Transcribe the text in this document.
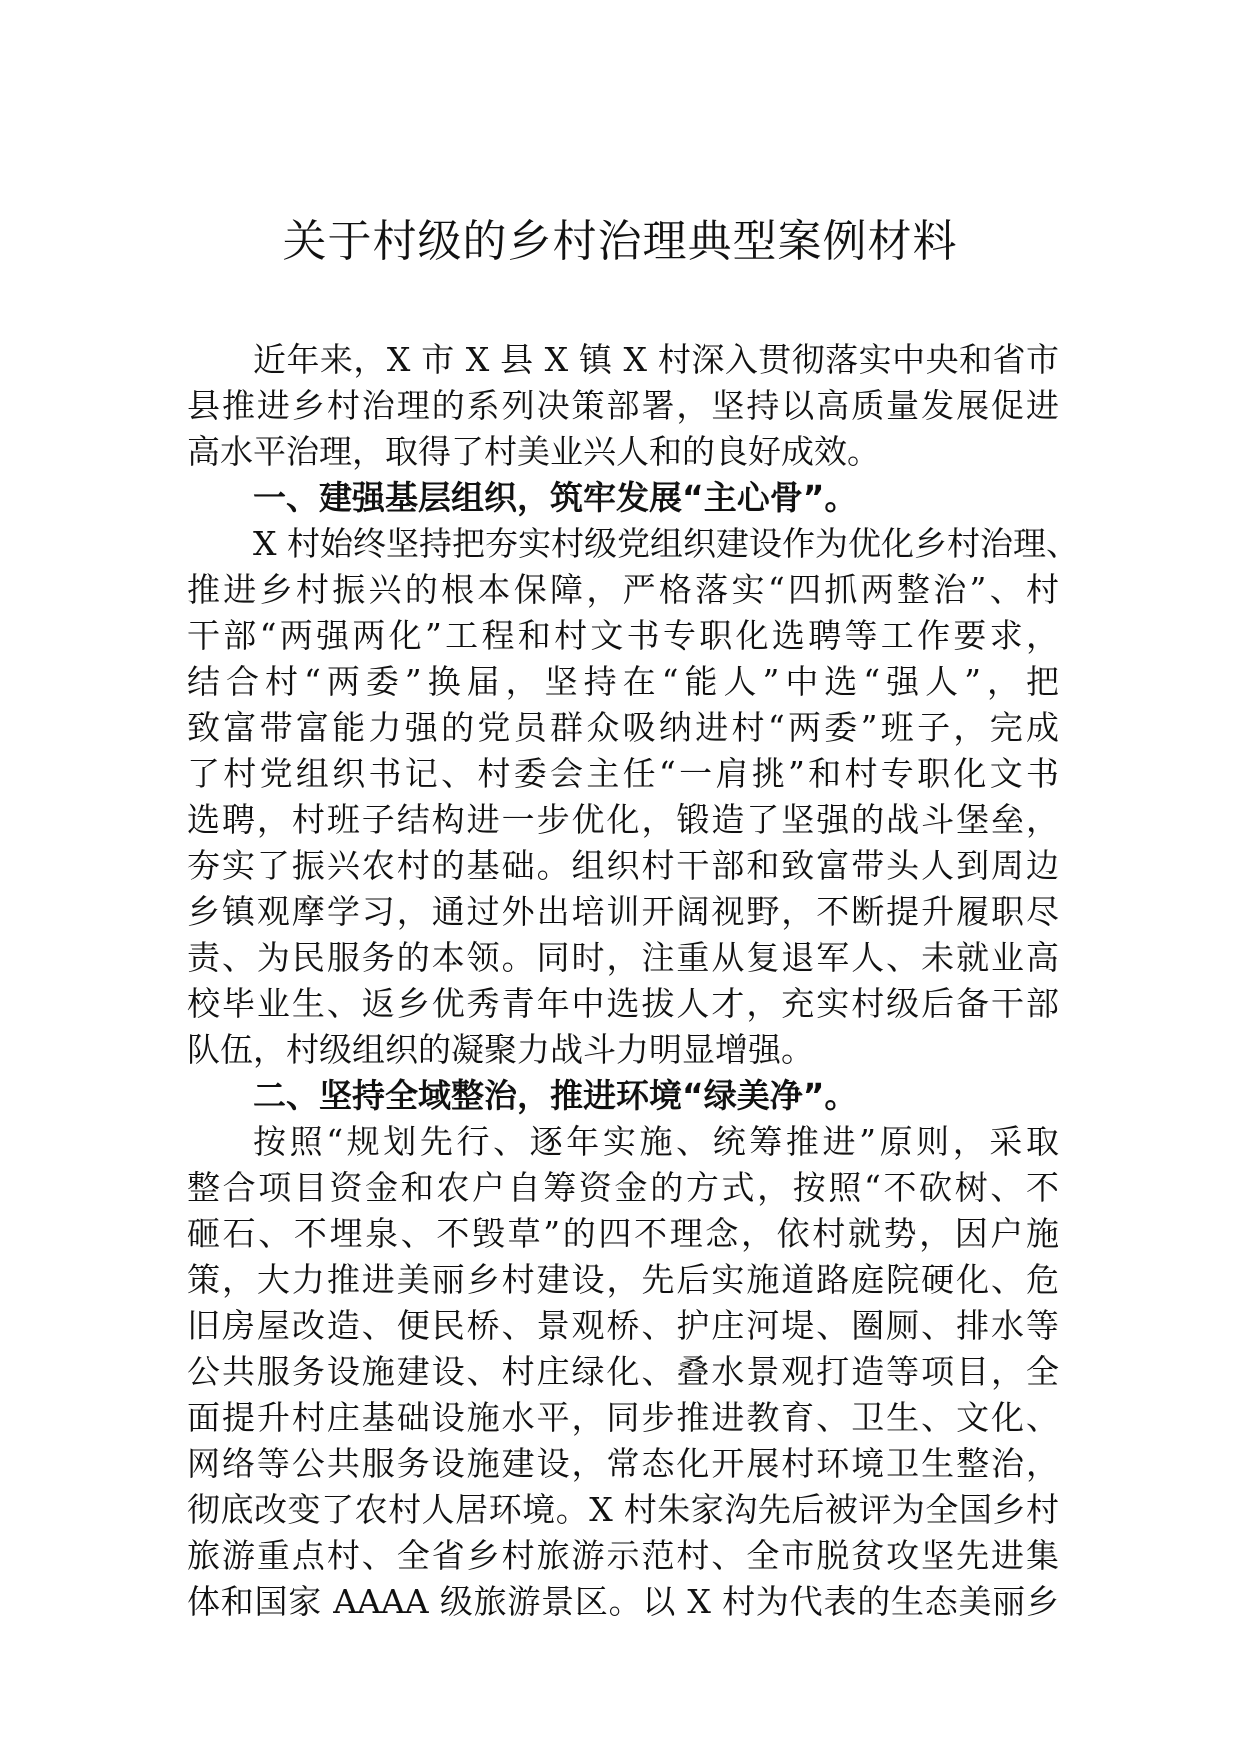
关于村级的乡村治理典型案例材料
近年来，X 市 X 县 X 镇 X 村深入贯彻落实中央和省市
县推进乡村治理的系列决策部署，坚持以高质量发展促进
高水平治理，取得了村美业兴人和的良好成效。
一、建强基层组织，筑牢发展“主心骨”。
X 村始终坚持把夯实村级党组织建设作为优化乡村治理、
推进乡村振兴的根本保障，严格落实“四抓两整治”、村
干部“两强两化”工程和村文书专职化选聘等工作要求，
结合村“两委”换届，坚持在“能人”中选“强人”，把
致富带富能力强的党员群众吸纳进村“两委”班子，完成
了村党组织书记、村委会主任“一肩挑”和村专职化文书
选聘，村班子结构进一步优化，锻造了坚强的战斗堡垒，
夯实了振兴农村的基础。组织村干部和致富带头人到周边
乡镇观摩学习，通过外出培训开阔视野，不断提升履职尽
责、为民服务的本领。同时，注重从复退军人、未就业高
校毕业生、返乡优秀青年中选拔人才，充实村级后备干部
队伍，村级组织的凝聚力战斗力明显增强。
二、坚持全域整治，推进环境“绿美净”。
按照“规划先行、逐年实施、统筹推进”原则，采取
整合项目资金和农户自筹资金的方式，按照“不砍树、不
砸石、不埋泉、不毁草”的四不理念，依村就势，因户施
策，大力推进美丽乡村建设，先后实施道路庭院硬化、危
旧房屋改造、便民桥、景观桥、护庄河堤、圈厕、排水等
公共服务设施建设、村庄绿化、叠水景观打造等项目，全
面提升村庄基础设施水平，同步推进教育、卫生、文化、
网络等公共服务设施建设，常态化开展村环境卫生整治，
彻底改变了农村人居环境。X 村朱家沟先后被评为全国乡村
旅游重点村、全省乡村旅游示范村、全市脱贫攻坚先进集
体和国家 AAAA 级旅游景区。以 X 村为代表的生态美丽乡
